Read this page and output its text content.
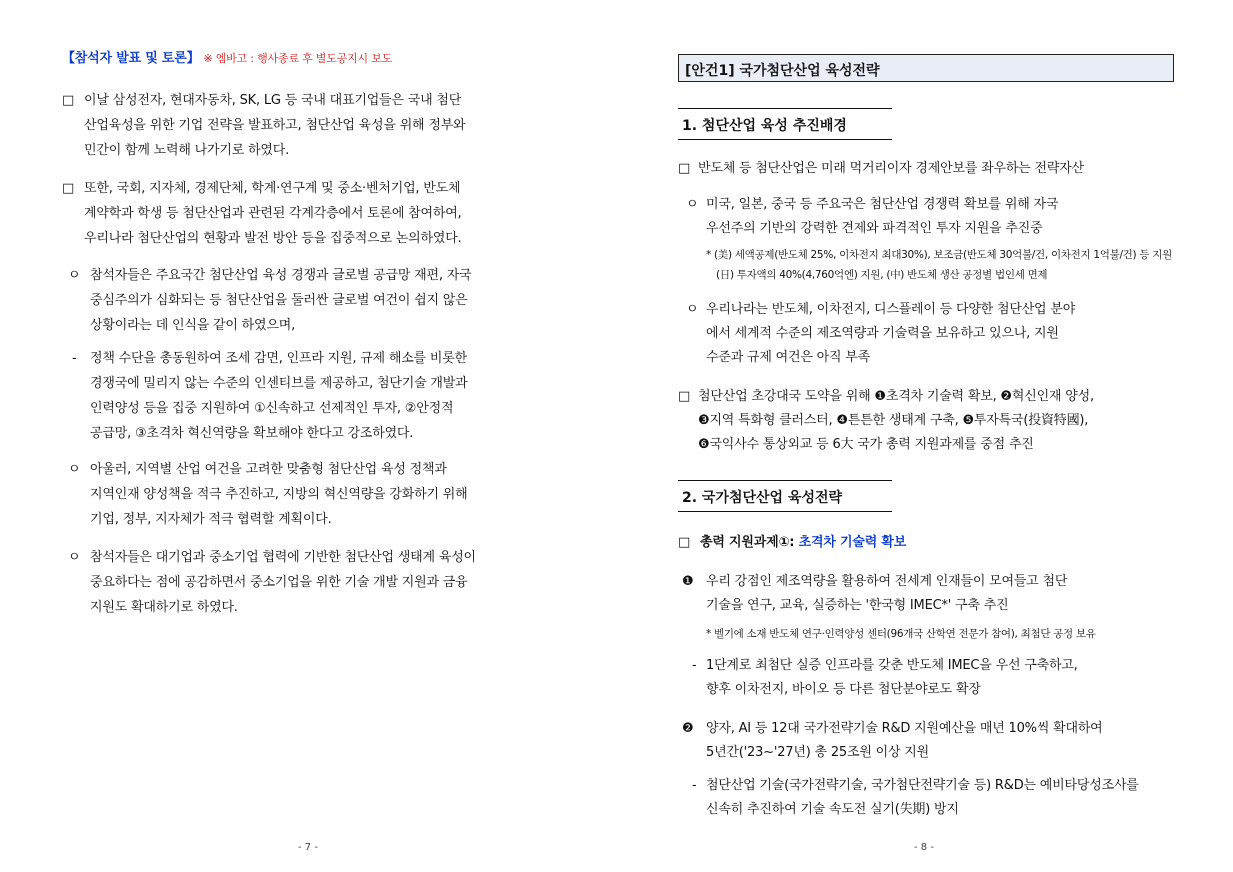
【참석자 발표 및 토론】 ※ 엠바고 : 행사종료 후 별도공지시 보도
□ 이날 삼성전자, 현대자동차, SK, LG 등 국내 대표기업들은 국내 첨단
산업육성을 위한 기업 전략을 발표하고, 첨단산업 육성을 위해 정부와
민간이 함께 노력해 나가기로 하였다.
□ 또한, 국회, 지자체, 경제단체, 학계·연구계 및 중소·벤처기업, 반도체
계약학과 학생 등 첨단산업과 관련된 각계각층에서 토론에 참여하여,
우리나라 첨단산업의 현황과 발전 방안 등을 집중적으로 논의하였다.
ㅇ 참석자들은 주요국간 첨단산업 육성 경쟁과 글로벌 공급망 재편, 자국
중심주의가 심화되는 등 첨단산업을 둘러싼 글로벌 여건이 쉽지 않은
상황이라는 데 인식을 같이 하였으며,
- 정책 수단을 총동원하여 조세 감면, 인프라 지원, 규제 해소를 비롯한
경쟁국에 밀리지 않는 수준의 인센티브를 제공하고, 첨단기술 개발과
인력양성 등을 집중 지원하여 ①신속하고 선제적인 투자, ②안정적
공급망, ③초격차 혁신역량을 확보해야 한다고 강조하였다.
ㅇ 아울러, 지역별 산업 여건을 고려한 맞춤형 첨단산업 육성 정책과
지역인재 양성책을 적극 추진하고, 지방의 혁신역량을 강화하기 위해
기업, 정부, 지자체가 적극 협력할 계획이다.
ㅇ 참석자들은 대기업과 중소기업 협력에 기반한 첨단산업 생태계 육성이
중요하다는 점에 공감하면서 중소기업을 위한 기술 개발 지원과 금융
지원도 확대하기로 하였다.
- 7 -
[안건1] 국가첨단산업 육성전략
1. 첨단산업 육성 추진배경
□ 반도체 등 첨단산업은 미래 먹거리이자 경제안보를 좌우하는 전략자산
ㅇ 미국, 일본, 중국 등 주요국은 첨단산업 경쟁력 확보를 위해 자국
우선주의 기반의 강력한 견제와 파격적인 투자 지원을 추진중
* (美) 세액공제(반도체 25%, 이차전지 최대30%), 보조금(반도체 30억불/건, 이차전지 1억불/건) 등 지원
(日) 투자액의 40%(4,760억엔) 지원, (中) 반도체 생산 공정별 법인세 면제
ㅇ 우리나라는 반도체, 이차전지, 디스플레이 등 다양한 첨단산업 분야
에서 세계적 수준의 제조역량과 기술력을 보유하고 있으나, 지원
수준과 규제 여건은 아직 부족
□ 첨단산업 초강대국 도약을 위해 ❶초격차 기술력 확보, ❷혁신인재 양성,
❸지역 특화형 클러스터, ❹튼튼한 생태계 구축, ❺투자특국(投資特國),
❻국익사수 통상외교 등 6大 국가 총력 지원과제를 중점 추진
2. 국가첨단산업 육성전략
□ 총력 지원과제①: 초격차 기술력 확보
❶ 우리 강점인 제조역량을 활용하여 전세계 인재들이 모여들고 첨단
기술을 연구, 교육, 실증하는 '한국형 IMEC*' 구축 추진
* 벨기에 소재 반도체 연구·인력양성 센터(96개국 산학연 전문가 참여), 최첨단 공정 보유
- 1단계로 최첨단 실증 인프라를 갖춘 반도체 IMEC을 우선 구축하고,
향후 이차전지, 바이오 등 다른 첨단분야로도 확장
❷ 양자, AI 등 12대 국가전략기술 R&D 지원예산을 매년 10%씩 확대하여
5년간('23~'27년) 총 25조원 이상 지원
- 첨단산업 기술(국가전략기술, 국가첨단전략기술 등) R&D는 예비타당성조사를
신속히 추진하여 기술 속도전 실기(失期) 방지
- 8 -
